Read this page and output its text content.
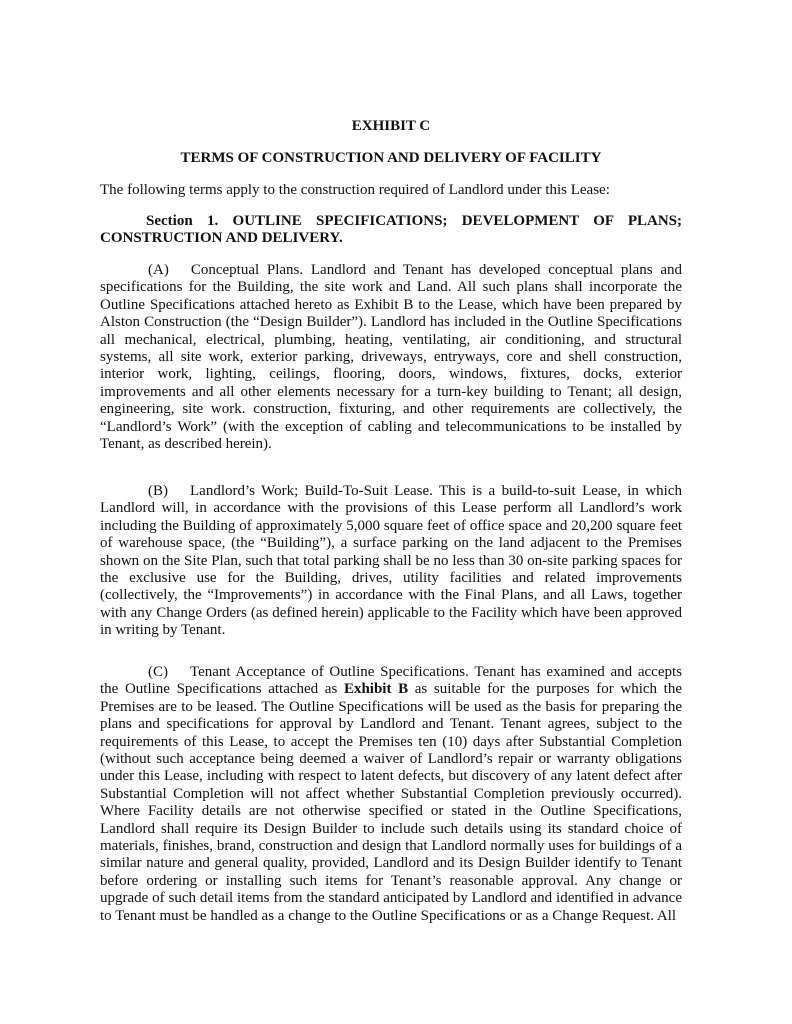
EXHIBIT C
TERMS OF CONSTRUCTION AND DELIVERY OF FACILITY
The following terms apply to the construction required of Landlord under this Lease:
Section 1. OUTLINE SPECIFICATIONS; DEVELOPMENT OF PLANS; CONSTRUCTION AND DELIVERY.
(A) Conceptual Plans. Landlord and Tenant has developed conceptual plans and specifications for the Building, the site work and Land. All such plans shall incorporate the Outline Specifications attached hereto as Exhibit B to the Lease, which have been prepared by Alston Construction (the “Design Builder”). Landlord has included in the Outline Specifications all mechanical, electrical, plumbing, heating, ventilating, air conditioning, and structural systems, all site work, exterior parking, driveways, entryways, core and shell construction, interior work, lighting, ceilings, flooring, doors, windows, fixtures, docks, exterior improvements and all other elements necessary for a turn-key building to Tenant; all design, engineering, site work. construction, fixturing, and other requirements are collectively, the “Landlord’s Work” (with the exception of cabling and telecommunications to be installed by Tenant, as described herein).
(B) Landlord’s Work; Build-To-Suit Lease. This is a build-to-suit Lease, in which Landlord will, in accordance with the provisions of this Lease perform all Landlord’s work including the Building of approximately 5,000 square feet of office space and 20,200 square feet of warehouse space, (the “Building”), a surface parking on the land adjacent to the Premises shown on the Site Plan, such that total parking shall be no less than 30 on-site parking spaces for the exclusive use for the Building, drives, utility facilities and related improvements (collectively, the “Improvements”) in accordance with the Final Plans, and all Laws, together with any Change Orders (as defined herein) applicable to the Facility which have been approved in writing by Tenant.
(C) Tenant Acceptance of Outline Specifications. Tenant has examined and accepts the Outline Specifications attached as Exhibit B as suitable for the purposes for which the Premises are to be leased. The Outline Specifications will be used as the basis for preparing the plans and specifications for approval by Landlord and Tenant. Tenant agrees, subject to the requirements of this Lease, to accept the Premises ten (10) days after Substantial Completion (without such acceptance being deemed a waiver of Landlord’s repair or warranty obligations under this Lease, including with respect to latent defects, but discovery of any latent defect after Substantial Completion will not affect whether Substantial Completion previously occurred). Where Facility details are not otherwise specified or stated in the Outline Specifications, Landlord shall require its Design Builder to include such details using its standard choice of materials, finishes, brand, construction and design that Landlord normally uses for buildings of a similar nature and general quality, provided, Landlord and its Design Builder identify to Tenant before ordering or installing such items for Tenant’s reasonable approval. Any change or upgrade of such detail items from the standard anticipated by Landlord and identified in advance to Tenant must be handled as a change to the Outline Specifications or as a Change Request. All
